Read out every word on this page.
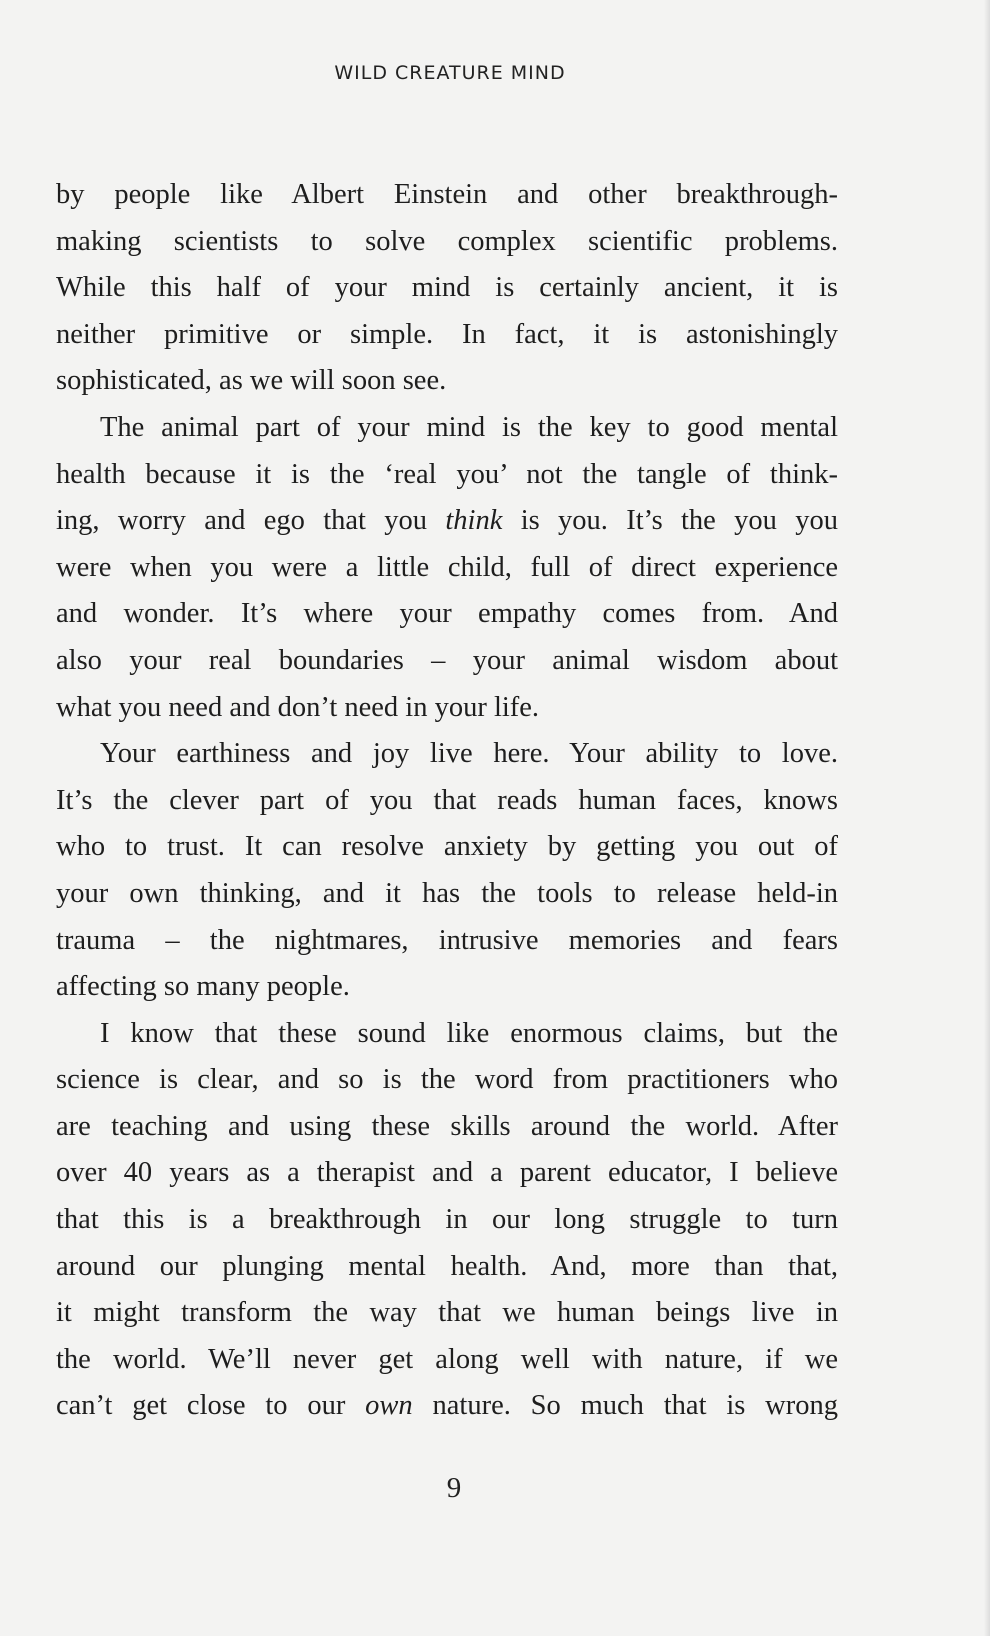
WILD CREATURE MIND
by people like Albert Einstein and other breakthrough-
making scientists to solve complex scientific problems.
While this half of your mind is certainly ancient, it is
neither primitive or simple. In fact, it is astonishingly
sophisticated, as we will soon see.
The animal part of your mind is the key to good mental
health because it is the ‘real you’ not the tangle of think-
ing, worry and ego that you think is you. It’s the you you
were when you were a little child, full of direct experience
and wonder. It’s where your empathy comes from. And
also your real boundaries – your animal wisdom about
what you need and don’t need in your life.
Your earthiness and joy live here. Your ability to love.
It’s the clever part of you that reads human faces, knows
who to trust. It can resolve anxiety by getting you out of
your own thinking, and it has the tools to release held-in
trauma – the nightmares, intrusive memories and fears
affecting so many people.
I know that these sound like enormous claims, but the
science is clear, and so is the word from practitioners who
are teaching and using these skills around the world. After
over 40 years as a therapist and a parent educator, I believe
that this is a breakthrough in our long struggle to turn
around our plunging mental health. And, more than that,
it might transform the way that we human beings live in
the world. We’ll never get along well with nature, if we
can’t get close to our own nature. So much that is wrong
9
